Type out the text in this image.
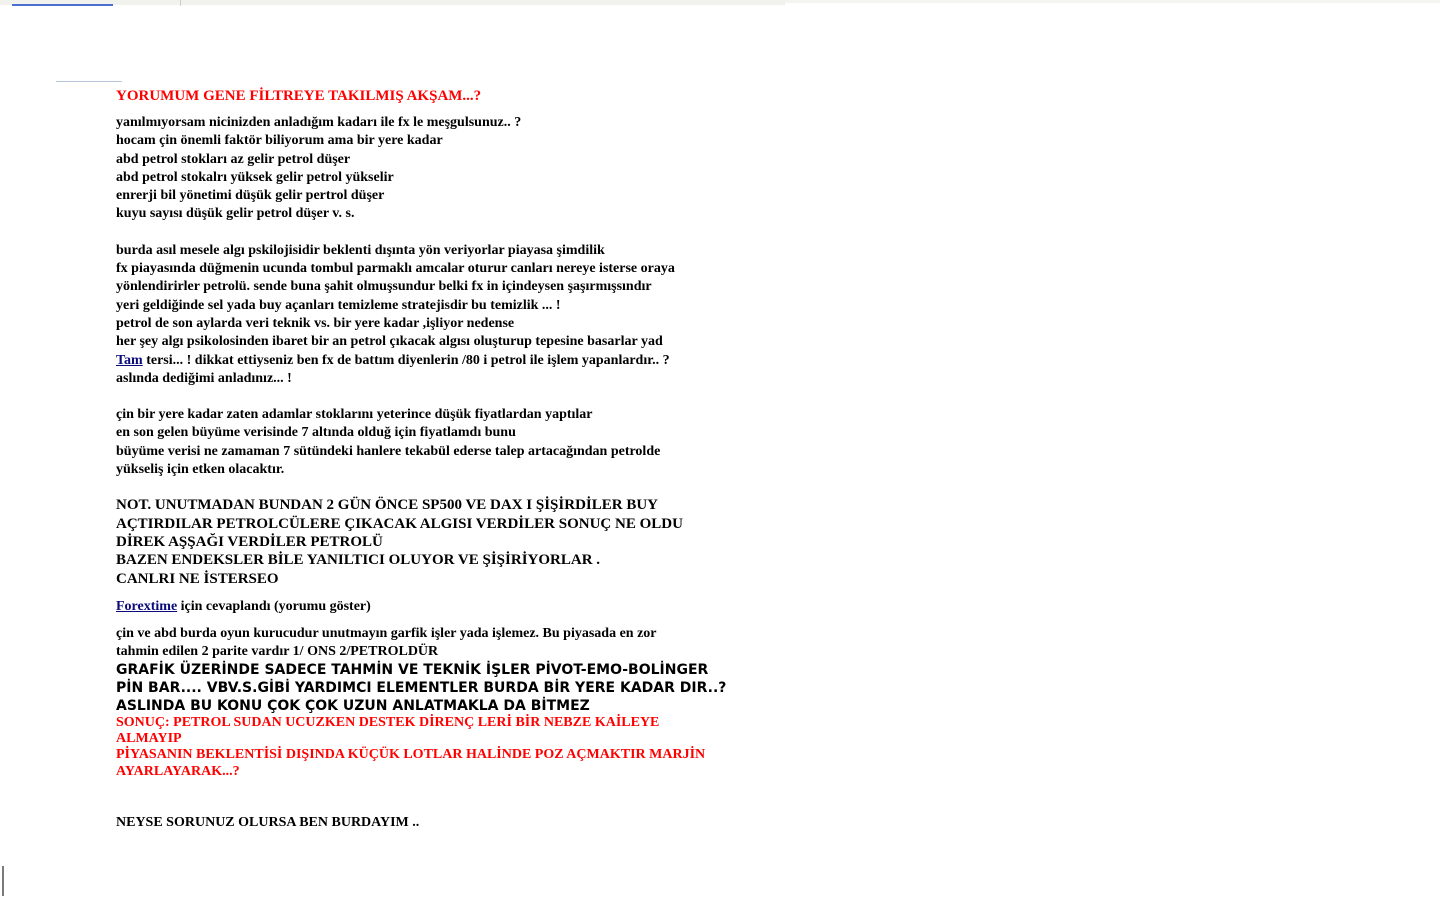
YORUMUM GENE FİLTREYE TAKILMIŞ AKŞAM...?
yanılmıyorsam nicinizden anladığım kadarı ile fx le meşgulsunuz.. ?
hocam çin önemli faktör biliyorum ama bir yere kadar
abd petrol stokları az gelir petrol düşer
abd petrol stokalrı yüksek gelir petrol yükselir
enrerji bil yönetimi düşük gelir pertrol düşer
kuyu sayısı düşük gelir petrol düşer v. s.
burda asıl mesele algı pskilojisidir beklenti dışınta yön veriyorlar piayasa şimdilik
fx piayasında düğmenin ucunda tombul parmaklı amcalar oturur canları nereye isterse oraya
yönlendirirler petrolü. sende buna şahit olmuşsundur belki fx in içindeysen şaşırmışsındır
yeri geldiğinde sel yada buy açanları temizleme stratejisdir bu temizlik ... !
petrol de son aylarda veri teknik vs. bir yere kadar ,işliyor nedense
her şey algı psikolosinden ibaret bir an petrol çıkacak algısı oluşturup tepesine basarlar yad
Tam tersi... ! dikkat ettiyseniz ben fx de battım diyenlerin /80 i petrol ile işlem yapanlardır.. ?
aslında dediğimi anladınız... !
çin bir yere kadar zaten adamlar stoklarını yeterince düşük fiyatlardan yaptılar
en son gelen büyüme verisinde 7 altında olduğ için fiyatlamdı bunu
büyüme verisi ne zamaman 7 sütündeki hanlere tekabül ederse talep artacağından petrolde
yükseliş için etken olacaktır.
NOT. UNUTMADAN BUNDAN 2 GÜN ÖNCE SP500 VE DAX I ŞİŞİRDİLER BUY
AÇTIRDILAR PETROLCÜLERE ÇIKACAK ALGISI VERDİLER SONUÇ NE OLDU
DİREK AŞŞAĞI VERDİLER PETROLÜ
BAZEN ENDEKSLER BİLE YANILTICI OLUYOR VE ŞİŞİRİYORLAR .
CANLRI NE İSTERSEO
Forextime için cevaplandı (yorumu göster)
çin ve abd burda oyun kurucudur unutmayın garfik işler yada işlemez. Bu piyasada en zor
tahmin edilen 2 parite vardır 1/ ONS 2/PETROLDÜR
GRAFİK ÜZERİNDE SADECE TAHMİN VE TEKNİK İŞLER PİVOT-EMO-BOLİNGER
PİN BAR.... VBV.S.GİBİ YARDIMCI ELEMENTLER BURDA BİR YERE KADAR DIR..?
ASLINDA BU KONU ÇOK ÇOK UZUN ANLATMAKLA DA BİTMEZ
SONUÇ: PETROL SUDAN UCUZKEN DESTEK DİRENÇ LERİ BİR NEBZE KAİLEYE
ALMAYIP
PİYASANIN BEKLENTİSİ DIŞINDA KÜÇÜK LOTLAR HALİNDE POZ AÇMAKTIR MARJİN
AYARLAYARAK...?
NEYSE SORUNUZ OLURSA BEN BURDAYIM ..
